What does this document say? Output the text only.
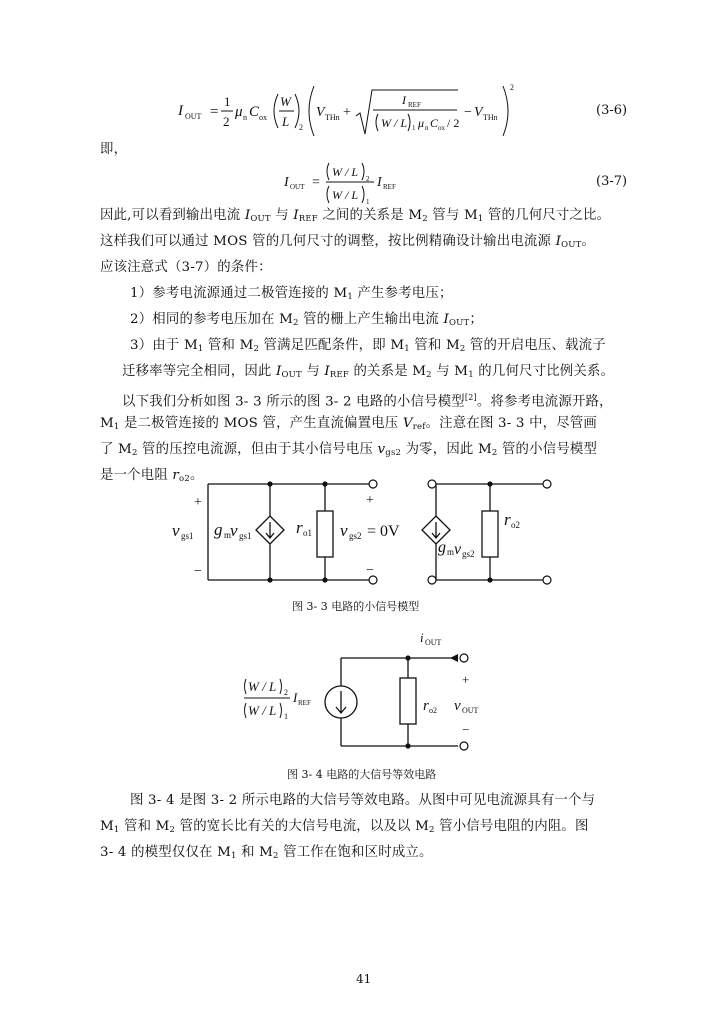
I OUT =
1
2
μ n C ox
W
L 2
V THn +
I REF
W / L 1 μ n C ox / 2
− V THn
2
(3-6)
即，
I OUT =
W / L 2
W / L 1
I REF	(3-7)
因此,可以看到输出电流 $I_{OUT}$ 与 $I_{REF}$ 之间的关系是 $M_2$ 管与 $M_1$ 管的几何尺寸之比。
这样我们可以通过 MOS 管的几何尺寸的调整，按比例精确设计输出电流源 $I_{OUT}$。
应该注意式（3-7）的条件：
1）参考电流源通过二极管连接的 $M_1$ 产生参考电压；
2）相同的参考电压加在 $M_2$ 管的栅上产生输出电流 $I_{OUT}$；
3）由于 $M_1$ 管和 $M_2$ 管满足匹配条件，即 $M_1$ 管和 $M_2$ 管的开启电压、载流子
迁移率等完全相同，因此 $I_{OUT}$ 与 $I_{REF}$ 的关系是 $M_2$ 与 $M_1$ 的几何尺寸比例关系。
以下我们分析如图 3- 3 所示的图 3- 2 电路的小信号模型[2]。将参考电流源开路，
$M_1$ 是二极管连接的 MOS 管，产生直流偏置电压 $V_{ref}$。注意在图 3- 3 中，尽管画
了 $M_2$ 管的压控电流源，但由于其小信号电压 $v_{gs2}$ 为零，因此 $M_2$ 管的小信号模型
是一个电阻 $r_{o2}$。
+
−
v gs1 g m
v gs1	r o1
+
−
v gs2 = 0V
g m v gs2
r o2
图 3- 3 电路的小信号模型
i OUT
W / L 2
W / L 1
I REF	r o2
+
v OUT
−
图 3- 4 电路的大信号等效电路
图 3- 4 是图 3- 2 所示电路的大信号等效电路。从图中可见电流源具有一个与
$M_1$ 管和 $M_2$ 管的宽长比有关的大信号电流，以及以 $M_2$ 管小信号电阻的内阻。图
3- 4 的模型仅仅在 $M_1$ 和 $M_2$ 管工作在饱和区时成立。
41
